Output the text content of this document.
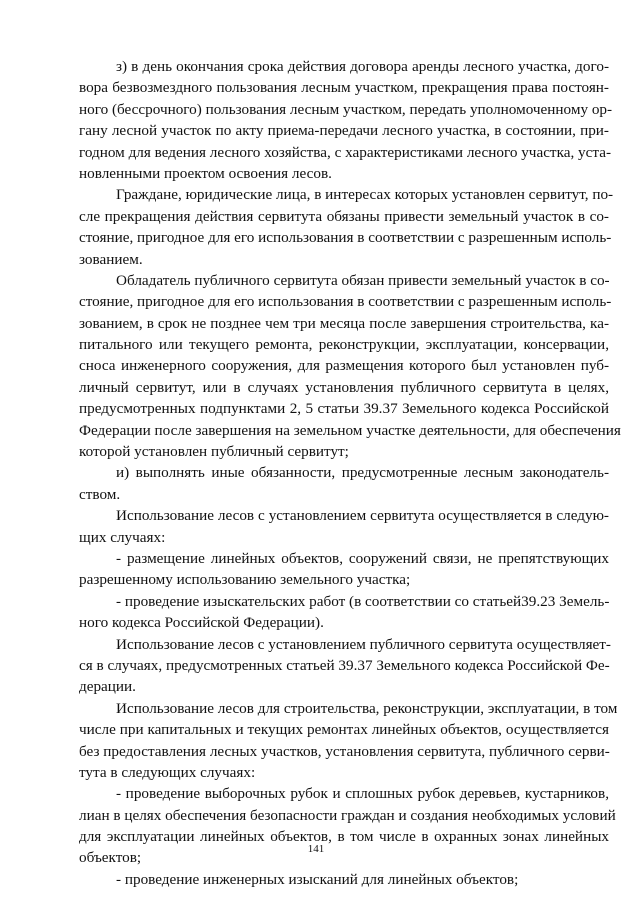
з) в день окончания срока действия договора аренды лесного участка, дого-
вора безвозмездного пользования лесным участком, прекращения права постоян-
ного (бессрочного) пользования лесным участком, передать уполномоченному ор-
гану лесной участок по акту приема-передачи лесного участка, в состоянии, при-
годном для ведения лесного хозяйства, с характеристиками лесного участка, уста-
новленными проектом освоения лесов.
Граждане, юридические лица, в интересах которых установлен сервитут, по-
сле прекращения действия сервитута обязаны привести земельный участок в со-
стояние, пригодное для его использования в соответствии с разрешенным исполь-
зованием.
Обладатель публичного сервитута обязан привести земельный участок в со-
стояние, пригодное для его использования в соответствии с разрешенным исполь-
зованием, в срок не позднее чем три месяца после завершения строительства, ка-
питального или текущего ремонта, реконструкции, эксплуатации, консервации,
сноса инженерного сооружения, для размещения которого был установлен пуб-
личный сервитут, или в случаях установления публичного сервитута в целях,
предусмотренных подпунктами 2, 5 статьи 39.37 Земельного кодекса Российской
Федерации после завершения на земельном участке деятельности, для обеспечения
которой установлен публичный сервитут;
и) выполнять иные обязанности, предусмотренные лесным законодатель-
ством.
Использование лесов с установлением сервитута осуществляется в следую-
щих случаях:
- размещение линейных объектов, сооружений связи, не препятствующих
разрешенному использованию земельного участка;
- проведение изыскательских работ (в соответствии со статьей39.23 Земель-
ного кодекса Российской Федерации).
Использование лесов с установлением публичного сервитута осуществляет-
ся в случаях, предусмотренных статьей 39.37 Земельного кодекса Российской Фе-
дерации.
Использование лесов для строительства, реконструкции, эксплуатации, в том
числе при капитальных и текущих ремонтах линейных объектов, осуществляется
без предоставления лесных участков, установления сервитута, публичного серви-
тута в следующих случаях:
- проведение выборочных рубок и сплошных рубок деревьев, кустарников,
лиан в целях обеспечения безопасности граждан и создания необходимых условий
для эксплуатации линейных объектов, в том числе в охранных зонах линейных
объектов;
- проведение инженерных изысканий для линейных объектов;
141
